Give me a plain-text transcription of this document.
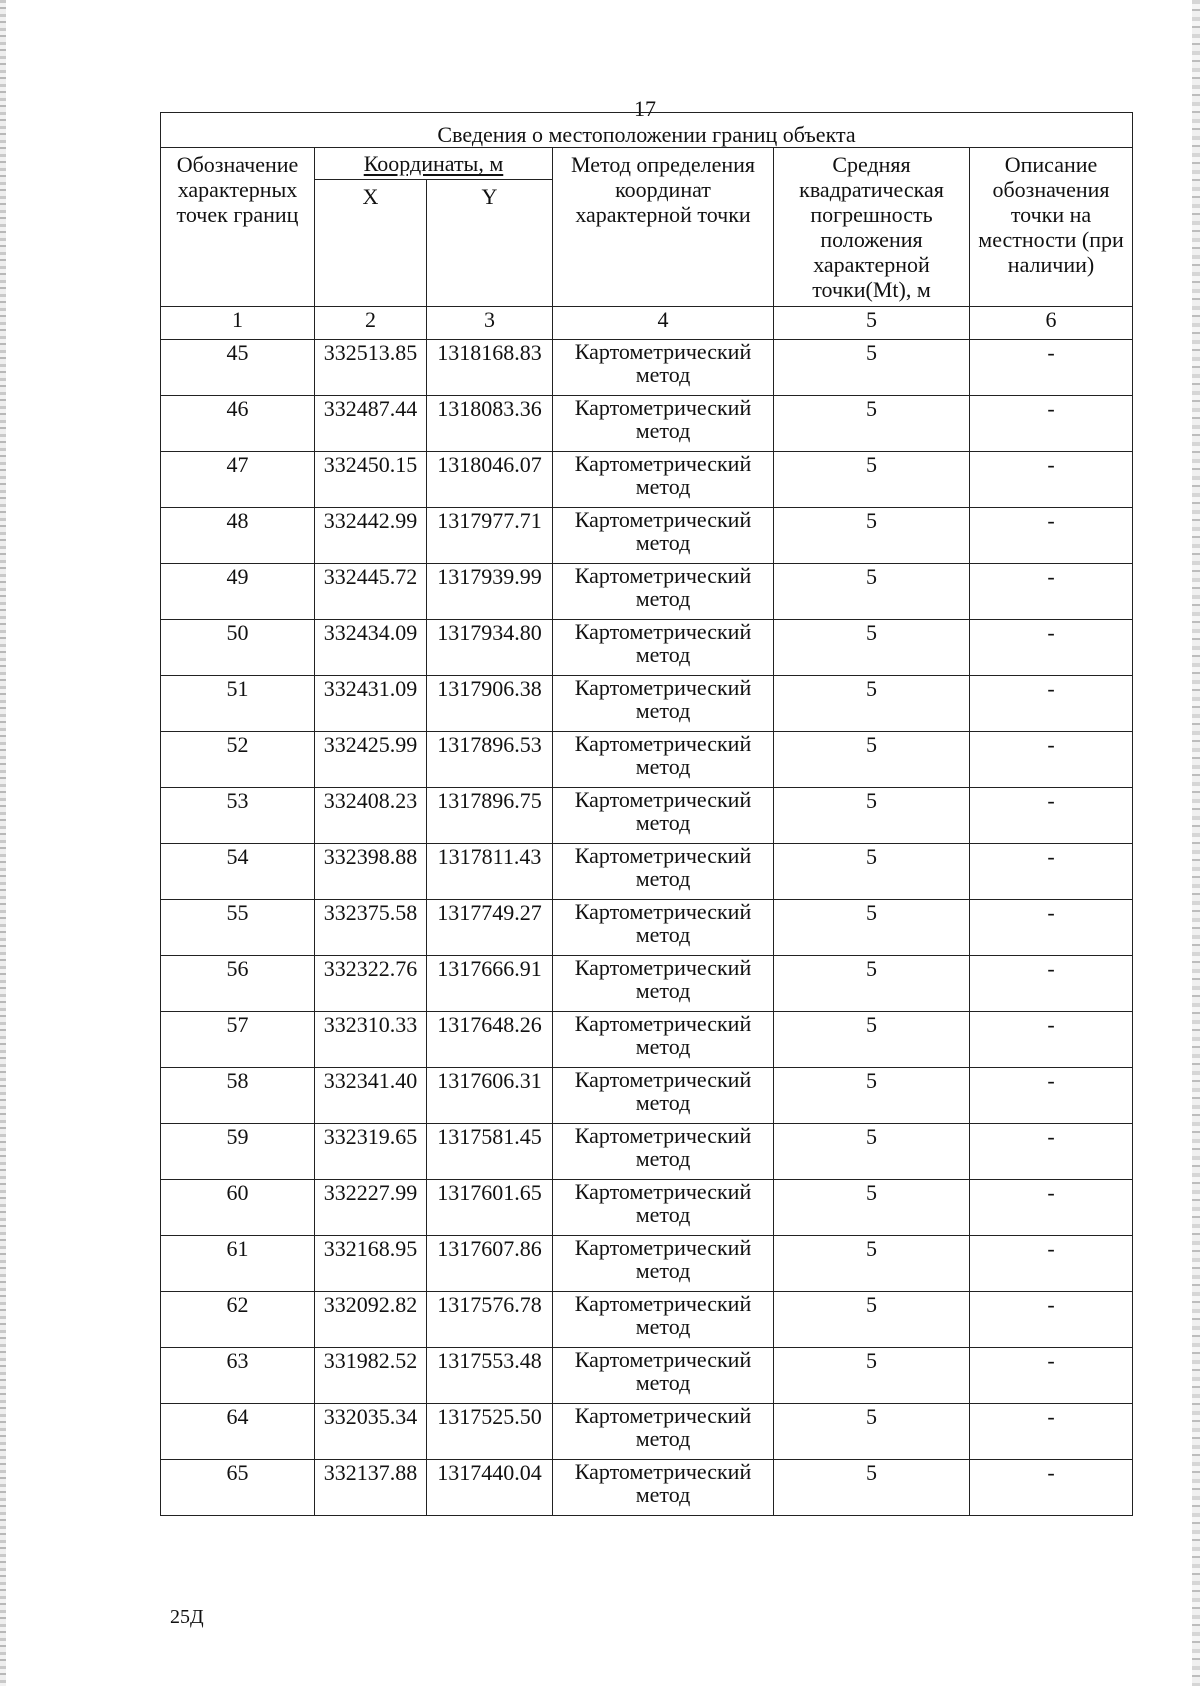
17
Сведения о местоположении границ объекта					
Обозначение характерных точек границ	Координаты, м		Метод определения координат характерной точки	Средняя квадратическая погрешность положения характерной точки(Mt), м	Описание обозначения точки на местности (при наличии)
	X	Y			
1	2	3	4	5	6
45	332513.85	1318168.83	Картометрический метод	5	-
46	332487.44	1318083.36	Картометрический метод	5	-
47	332450.15	1318046.07	Картометрический метод	5	-
48	332442.99	1317977.71	Картометрический метод	5	-
49	332445.72	1317939.99	Картометрический метод	5	-
50	332434.09	1317934.80	Картометрический метод	5	-
51	332431.09	1317906.38	Картометрический метод	5	-
52	332425.99	1317896.53	Картометрический метод	5	-
53	332408.23	1317896.75	Картометрический метод	5	-
54	332398.88	1317811.43	Картометрический метод	5	-
55	332375.58	1317749.27	Картометрический метод	5	-
56	332322.76	1317666.91	Картометрический метод	5	-
57	332310.33	1317648.26	Картометрический метод	5	-
58	332341.40	1317606.31	Картометрический метод	5	-
59	332319.65	1317581.45	Картометрический метод	5	-
60	332227.99	1317601.65	Картометрический метод	5	-
61	332168.95	1317607.86	Картометрический метод	5	-
62	332092.82	1317576.78	Картометрический метод	5	-
63	331982.52	1317553.48	Картометрический метод	5	-
64	332035.34	1317525.50	Картометрический метод	5	-
65	332137.88	1317440.04	Картометрический метод	5	-
25Д
